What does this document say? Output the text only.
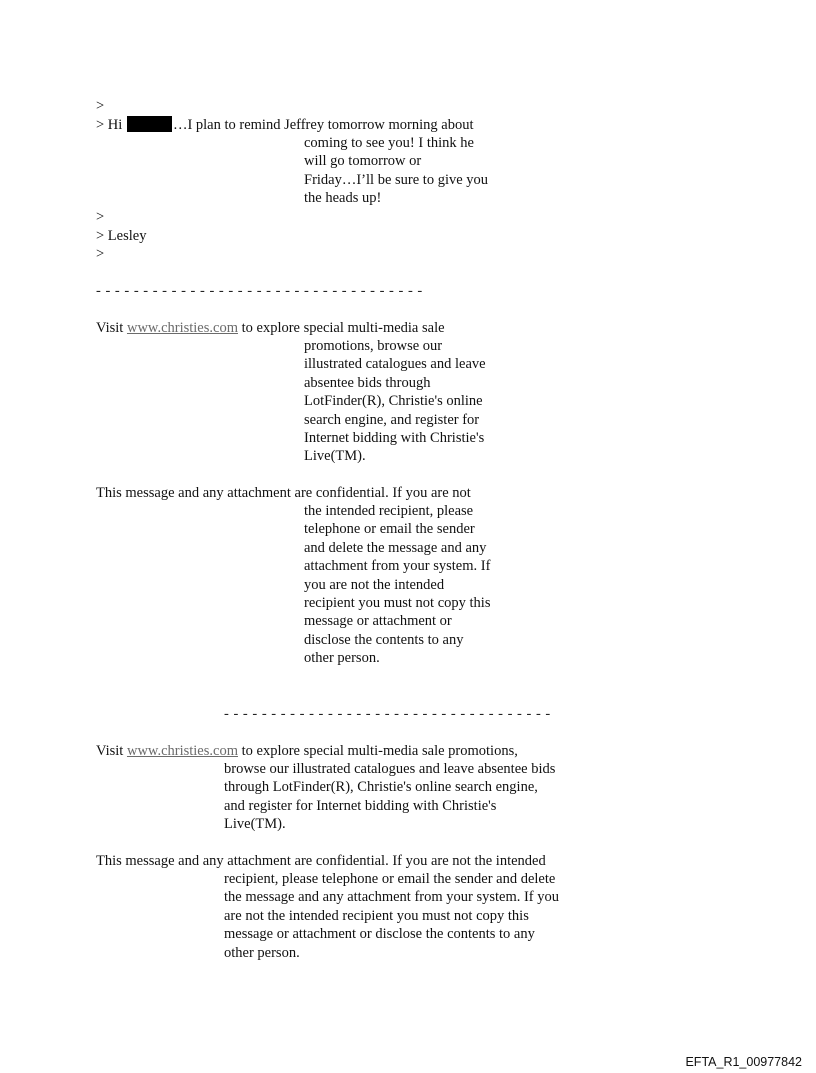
>
> Hi	…I plan to remind Jeffrey tomorrow morning about
coming to see you! I think he
will go tomorrow or
Friday…I’ll be sure to give you
the heads up!
>
> Lesley
>
- - - - - - - - - - - - - - - - - - - - - - - - - - - - - - - - - - -
Visit www.christies.com to explore special multi-media sale
promotions, browse our
illustrated catalogues and leave
absentee bids through
LotFinder(R), Christie's online
search engine, and register for
Internet bidding with Christie's
Live(TM).
This message and any attachment are confidential. If you are not
the intended recipient, please
telephone or email the sender
and delete the message and any
attachment from your system. If
you are not the intended
recipient you must not copy this
message or attachment or
disclose the contents to any
other person.
- - - - - - - - - - - - - - - - - - - - - - - - - - - - - - - - - - -
Visit www.christies.com to explore special multi-media sale promotions,
browse our illustrated catalogues and leave absentee bids
through LotFinder(R), Christie's online search engine,
and register for Internet bidding with Christie's
Live(TM).
This message and any attachment are confidential. If you are not the intended
recipient, please telephone or email the sender and delete
the message and any attachment from your system. If you
are not the intended recipient you must not copy this
message or attachment or disclose the contents to any
other person.
EFTA_R1_00977842
